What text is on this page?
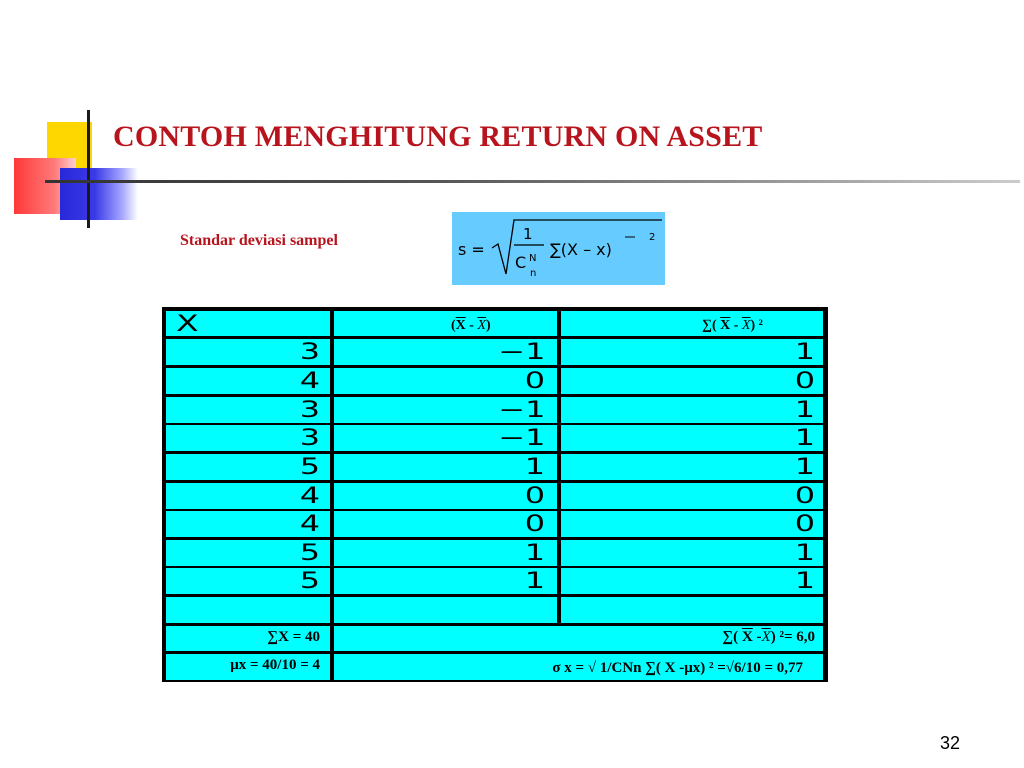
CONTOH MENGHITUNG RETURN ON ASSET
Standar deviasi sampel	s =
1
C N
n
∑(X – x)
2
X	$(\overline{X} - \overline{X})$	∑( $\overline{X} - \overline{X}$) ²
3	−1	1
4	0	0
3	−1	1
3	−1	1
5	1	1
4	0	0
4	0	0
5	1	1
5	1	1
∑X = 40	∑( $\overline{X}$ $-\overline{X}$) ²= 6,0
μx = 40/10 = 4	σ x = √ 1/CNn ∑( X -μx) ² =√6/10 = 0,77
32
